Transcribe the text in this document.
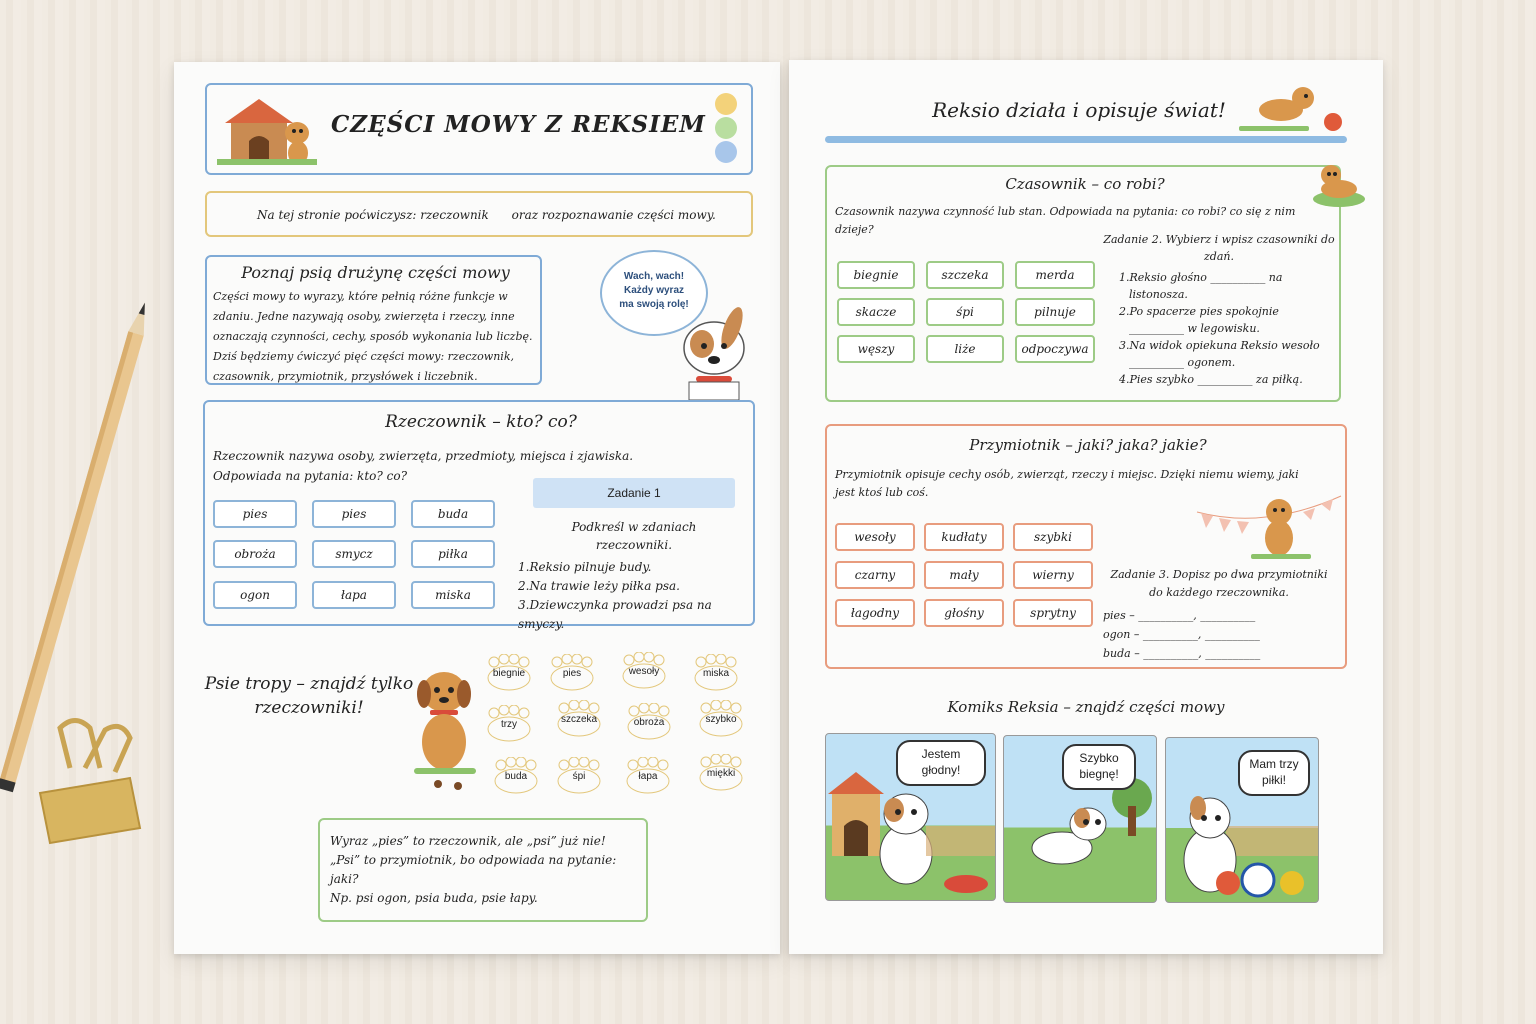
CZĘŚCI MOWY Z REKSIEM
Na tej stronie poćwiczysz: rzeczownik      oraz rozpoznawanie części mowy.
Poznaj psią drużynę części mowy
Części mowy to wyrazy, które pełnią różne funkcje w
zdaniu. Jedne nazywają osoby, zwierzęta i rzeczy, inne
oznaczają czynności, cechy, sposób wykonania lub liczbę.
Dziś będziemy ćwiczyć pięć części mowy: rzeczownik,
czasownik, przymiotnik, przysłówek i liczebnik.
Wach, wach!
Każdy wyraz
ma swoją rolę!
Rzeczownik – kto? co?
Rzeczownik nazywa osoby, zwierzęta, przedmioty, miejsca i zjawiska.
Odpowiada na pytania: kto? co?
pies	pies	buda
obroża	smycz	piłka
ogon	łapa	miska
Zadanie 1
Podkreśl w zdaniach rzeczowniki.
1.Reksio pilnuje budy.
2.Na trawie leży piłka psa.
3.Dziewczynka prowadzi psa na smyczy.
Psie tropy – znajdź tylko
rzeczowniki!
biegnie	pies	wesoły	miska
trzy	szczeka	obroża	szybko
buda	śpi	łapa	miękki
Wyraz „pies” to rzeczownik, ale „psi” już nie!
„Psi” to przymiotnik, bo odpowiada na pytanie:
jaki?
Np. psi ogon, psia buda, psie łapy.
Reksio działa i opisuje świat!
Czasownik – co robi?
Czasownik nazywa czynność lub stan. Odpowiada na pytania: co robi? co się z nim
dzieje?
biegnie	szczeka	merda
skacze	śpi	pilnuje
węszy	liże	odpoczywa
Zadanie 2. Wybierz i wpisz czasowniki do
zdań.
1.Reksio głośno __________ na
listonosza.
2.Po spacerze pies spokojnie
__________ w legowisku.
3.Na widok opiekuna Reksio wesoło
__________ ogonem.
4.Pies szybko __________ za piłką.
Przymiotnik – jaki? jaka? jakie?
Przymiotnik opisuje cechy osób, zwierząt, rzeczy i miejsc. Dzięki niemu wiemy, jaki
jest ktoś lub coś.
wesoły	kudłaty	szybki
czarny	mały	wierny
łagodny	głośny	sprytny
Zadanie 3. Dopisz po dwa przymiotniki
do każdego rzeczownika.
pies – __________, __________
ogon – __________, __________
buda – __________, __________
Komiks Reksia – znajdź części mowy
Jestem głodny!
Szybko biegnę!
Mam trzy piłki!
